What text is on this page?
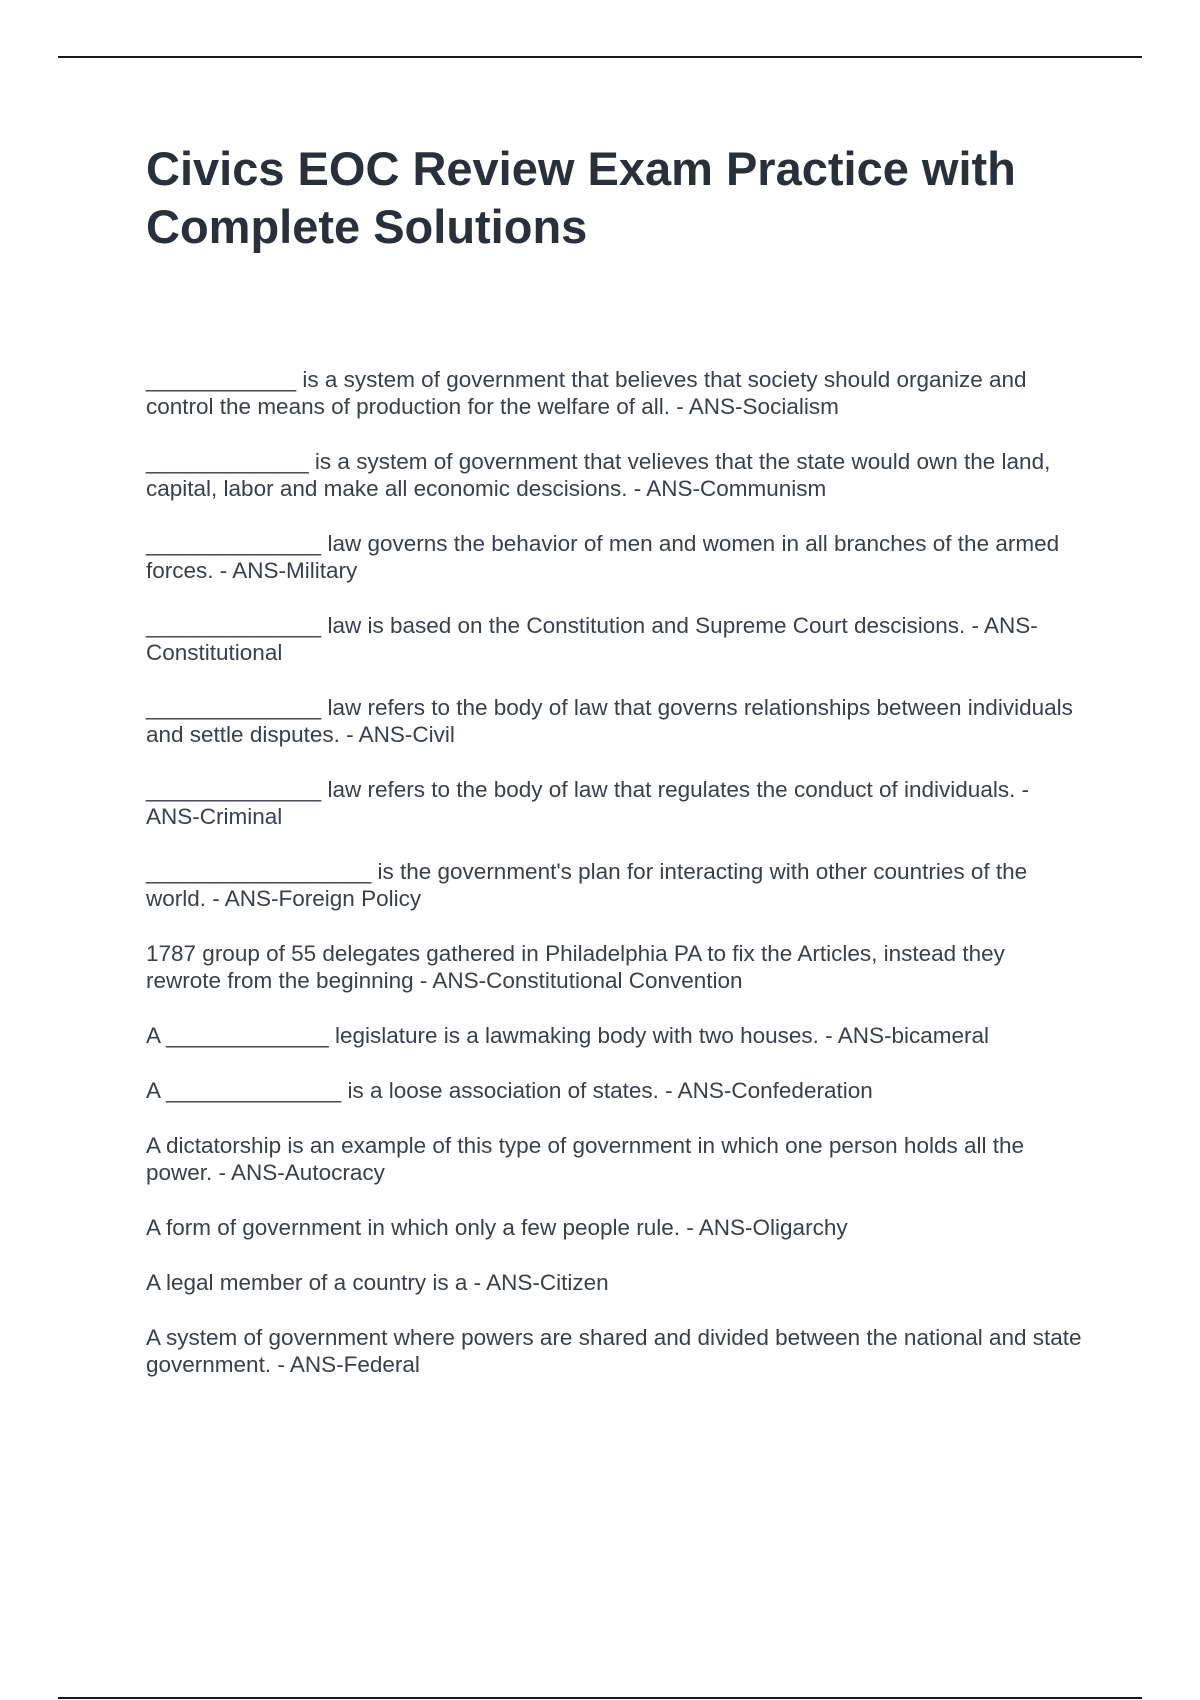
Civics EOC Review Exam Practice with Complete Solutions
____________ is a system of government that believes that society should organize and control the means of production for the welfare of all. - ANS-Socialism
_____________ is a system of government that velieves that the state would own the land, capital, labor and make all economic descisions. - ANS-Communism
______________ law governs the behavior of men and women in all branches of the armed forces. - ANS-Military
______________ law is based on the Constitution and Supreme Court descisions. - ANS-Constitutional
______________ law refers to the body of law that governs relationships between individuals and settle disputes. - ANS-Civil
______________ law refers to the body of law that regulates the conduct of individuals. - ANS-Criminal
__________________ is the government's plan for interacting with other countries of the world. - ANS-Foreign Policy
1787 group of 55 delegates gathered in Philadelphia PA to fix the Articles, instead they rewrote from the beginning - ANS-Constitutional Convention
A _____________ legislature is a lawmaking body with two houses. - ANS-bicameral
A ______________ is a loose association of states. - ANS-Confederation
A dictatorship is an example of this type of government in which one person holds all the power. - ANS-Autocracy
A form of government in which only a few people rule. - ANS-Oligarchy
A legal member of a country is a - ANS-Citizen
A system of government where powers are shared and divided between the national and state government. - ANS-Federal
